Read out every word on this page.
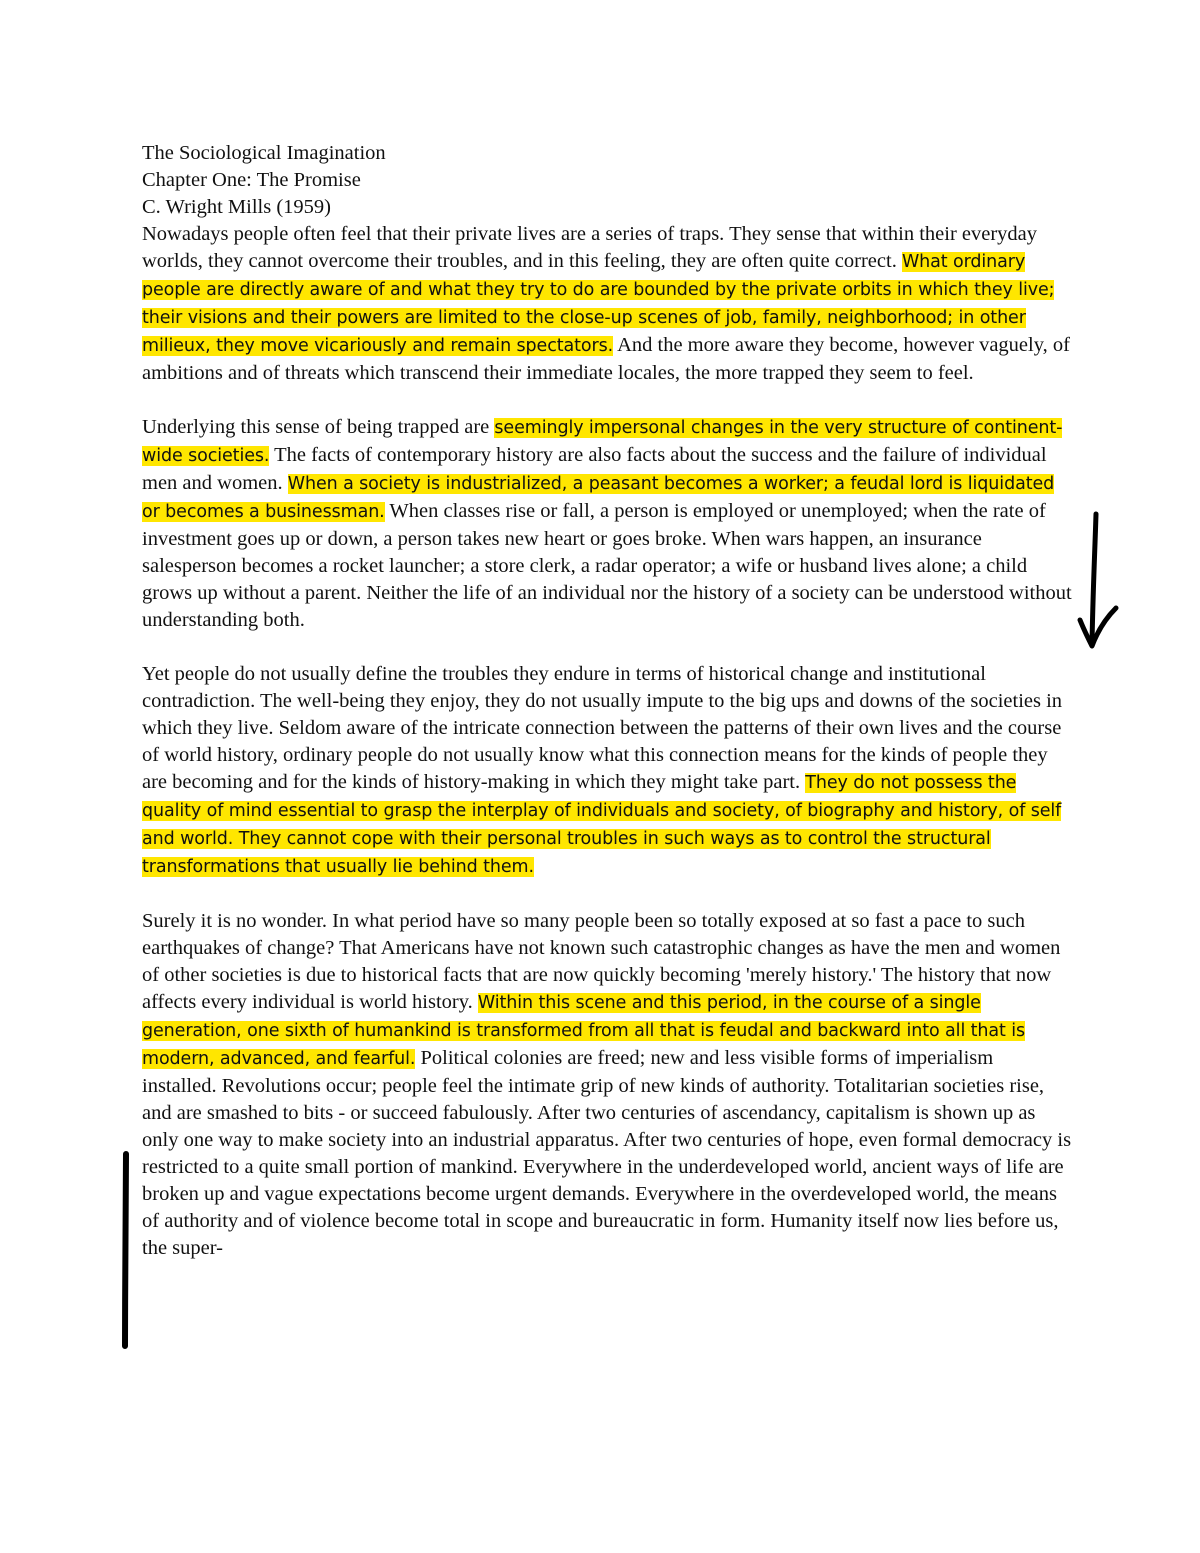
The Sociological Imagination
Chapter One: The Promise
C. Wright Mills (1959)

Nowadays people often feel that their private lives are a series of traps. They sense that within their everyday worlds, they cannot overcome their troubles, and in this feeling, they are often quite correct. What ordinary people are directly aware of and what they try to do are bounded by the private orbits in which they live; their visions and their powers are limited to the close-up scenes of job, family, neighborhood; in other milieux, they move vicariously and remain spectators. And the more aware they become, however vaguely, of ambitions and of threats which transcend their immediate locales, the more trapped they seem to feel.

Underlying this sense of being trapped are seemingly impersonal changes in the very structure of continent-wide societies. The facts of contemporary history are also facts about the success and the failure of individual men and women. When a society is industrialized, a peasant becomes a worker; a feudal lord is liquidated or becomes a businessman. When classes rise or fall, a person is employed or unemployed; when the rate of investment goes up or down, a person takes new heart or goes broke. When wars happen, an insurance salesperson becomes a rocket launcher; a store clerk, a radar operator; a wife or husband lives alone; a child grows up without a parent. Neither the life of an individual nor the history of a society can be understood without understanding both.

Yet people do not usually define the troubles they endure in terms of historical change and institutional contradiction. The well-being they enjoy, they do not usually impute to the big ups and downs of the societies in which they live. Seldom aware of the intricate connection between the patterns of their own lives and the course of world history, ordinary people do not usually know what this connection means for the kinds of people they are becoming and for the kinds of history-making in which they might take part. They do not possess the quality of mind essential to grasp the interplay of individuals and society, of biography and history, of self and world. They cannot cope with their personal troubles in such ways as to control the structural transformations that usually lie behind them.

Surely it is no wonder. In what period have so many people been so totally exposed at so fast a pace to such earthquakes of change? That Americans have not known such catastrophic changes as have the men and women of other societies is due to historical facts that are now quickly becoming 'merely history.' The history that now affects every individual is world history. Within this scene and this period, in the course of a single generation, one sixth of humankind is transformed from all that is feudal and backward into all that is modern, advanced, and fearful. Political colonies are freed; new and less visible forms of imperialism installed. Revolutions occur; people feel the intimate grip of new kinds of authority. Totalitarian societies rise, and are smashed to bits - or succeed fabulously. After two centuries of ascendancy, capitalism is shown up as only one way to make society into an industrial apparatus. After two centuries of hope, even formal democracy is restricted to a quite small portion of mankind. Everywhere in the underdeveloped world, ancient ways of life are broken up and vague expectations become urgent demands. Everywhere in the overdeveloped world, the means of authority and of violence become total in scope and bureaucratic in form. Humanity itself now lies before us, the super-
